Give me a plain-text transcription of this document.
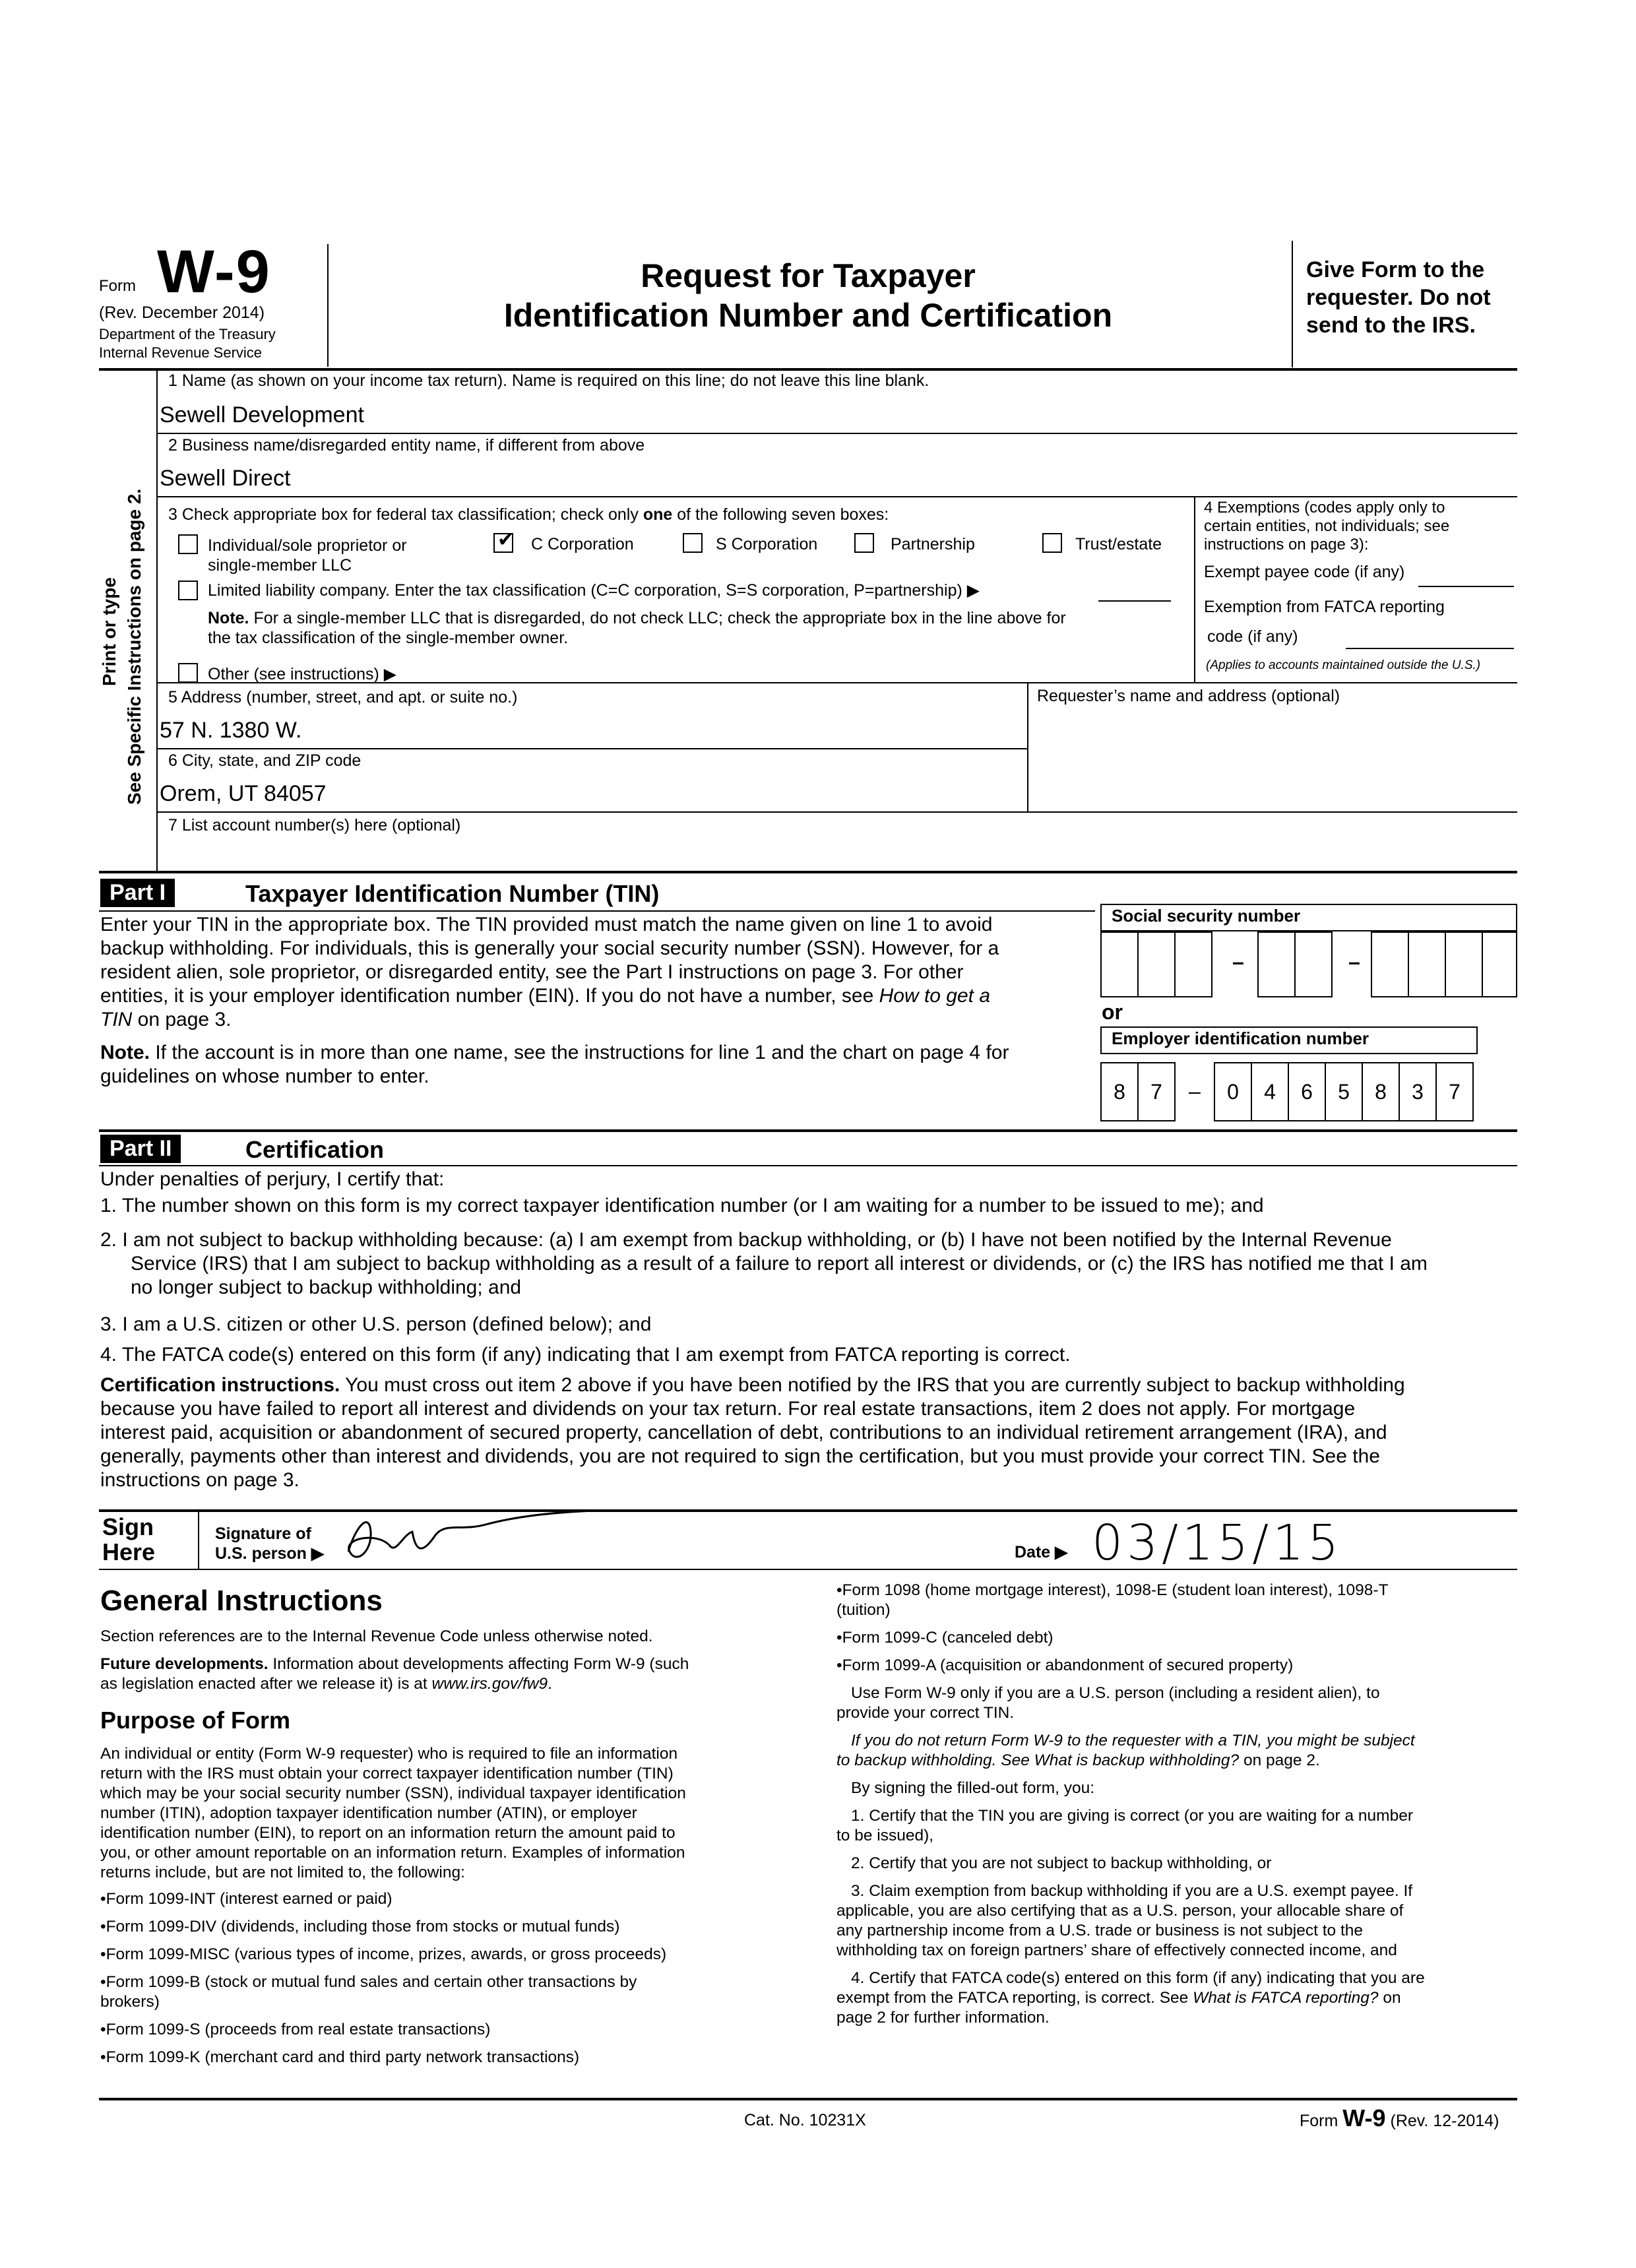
Form W-9
(Rev. December 2014)
Department of the Treasury
Internal Revenue Service
Request for Taxpayer
Identification Number and Certification
Give Form to the
requester. Do not
send to the IRS.
Print or type See Specific Instructions on page 2.
1 Name (as shown on your income tax return). Name is required on this line; do not leave this line blank.
Sewell Development
2 Business name/disregarded entity name, if different from above
Sewell Direct
3 Check appropriate box for federal tax classification; check only one of the following seven boxes:
Individual/sole proprietor or
single-member LLC
✔ C Corporation	S Corporation	Partnership	Trust/estate
Limited liability company. Enter the tax classification (C=C corporation, S=S corporation, P=partnership) ▶
Note. For a single-member LLC that is disregarded, do not check LLC; check the appropriate box in the line above for
the tax classification of the single-member owner.
Other (see instructions) ▶
4 Exemptions (codes apply only to
certain entities, not individuals; see
instructions on page 3):
Exempt payee code (if any)
Exemption from FATCA reporting
code (if any)
(Applies to accounts maintained outside the U.S.)
5 Address (number, street, and apt. or suite no.)
57 N. 1380 W.
Requester’s name and address (optional)
6 City, state, and ZIP code
Orem, UT 84057
7 List account number(s) here (optional)
Part I	Taxpayer Identification Number (TIN)
Enter your TIN in the appropriate box. The TIN provided must match the name given on line 1 to avoid
backup withholding. For individuals, this is generally your social security number (SSN). However, for a
resident alien, sole proprietor, or disregarded entity, see the Part I instructions on page 3. For other
entities, it is your employer identification number (EIN). If you do not have a number, see How to get a
TIN on page 3.
Note. If the account is in more than one name, see the instructions for line 1 and the chart on page 4 for
guidelines on whose number to enter.
Social security number
–	–
or
Employer identification number
8	7	–	0	4	6	5	8	3	7
Part II	Certification
Under penalties of perjury, I certify that:
1. The number shown on this form is my correct taxpayer identification number (or I am waiting for a number to be issued to me); and
2. I am not subject to backup withholding because: (a) I am exempt from backup withholding, or (b) I have not been notified by the Internal Revenue
Service (IRS) that I am subject to backup withholding as a result of a failure to report all interest or dividends, or (c) the IRS has notified me that I am
no longer subject to backup withholding; and
3. I am a U.S. citizen or other U.S. person (defined below); and
4. The FATCA code(s) entered on this form (if any) indicating that I am exempt from FATCA reporting is correct.
Certification instructions. You must cross out item 2 above if you have been notified by the IRS that you are currently subject to backup withholding
because you have failed to report all interest and dividends on your tax return. For real estate transactions, item 2 does not apply. For mortgage
interest paid, acquisition or abandonment of secured property, cancellation of debt, contributions to an individual retirement arrangement (IRA), and
generally, payments other than interest and dividends, you are not required to sign the certification, but you must provide your correct TIN. See the
instructions on page 3.
Sign
Here
Signature of
U.S. person ▶	Date ▶ 03/15/15
General Instructions
Section references are to the Internal Revenue Code unless otherwise noted.
Future developments. Information about developments affecting Form W-9 (such
as legislation enacted after we release it) is at www.irs.gov/fw9.
Purpose of Form
An individual or entity (Form W-9 requester) who is required to file an information
return with the IRS must obtain your correct taxpayer identification number (TIN)
which may be your social security number (SSN), individual taxpayer identification
number (ITIN), adoption taxpayer identification number (ATIN), or employer
identification number (EIN), to report on an information return the amount paid to
you, or other amount reportable on an information return. Examples of information
returns include, but are not limited to, the following:
• Form 1099-INT (interest earned or paid)
• Form 1099-DIV (dividends, including those from stocks or mutual funds)
• Form 1099-MISC (various types of income, prizes, awards, or gross proceeds)
• Form 1099-B (stock or mutual fund sales and certain other transactions by
brokers)
• Form 1099-S (proceeds from real estate transactions)
• Form 1099-K (merchant card and third party network transactions)
• Form 1098 (home mortgage interest), 1098-E (student loan interest), 1098-T
(tuition)
• Form 1099-C (canceled debt)
• Form 1099-A (acquisition or abandonment of secured property)
Use Form W-9 only if you are a U.S. person (including a resident alien), to
provide your correct TIN.
If you do not return Form W-9 to the requester with a TIN, you might be subject
to backup withholding. See What is backup withholding? on page 2.
By signing the filled-out form, you:
1. Certify that the TIN you are giving is correct (or you are waiting for a number
to be issued),
2. Certify that you are not subject to backup withholding, or
3. Claim exemption from backup withholding if you are a U.S. exempt payee. If
applicable, you are also certifying that as a U.S. person, your allocable share of
any partnership income from a U.S. trade or business is not subject to the
withholding tax on foreign partners’ share of effectively connected income, and
4. Certify that FATCA code(s) entered on this form (if any) indicating that you are
exempt from the FATCA reporting, is correct. See What is FATCA reporting? on
page 2 for further information.
Cat. No. 10231X	Form W-9 (Rev. 12-2014)
